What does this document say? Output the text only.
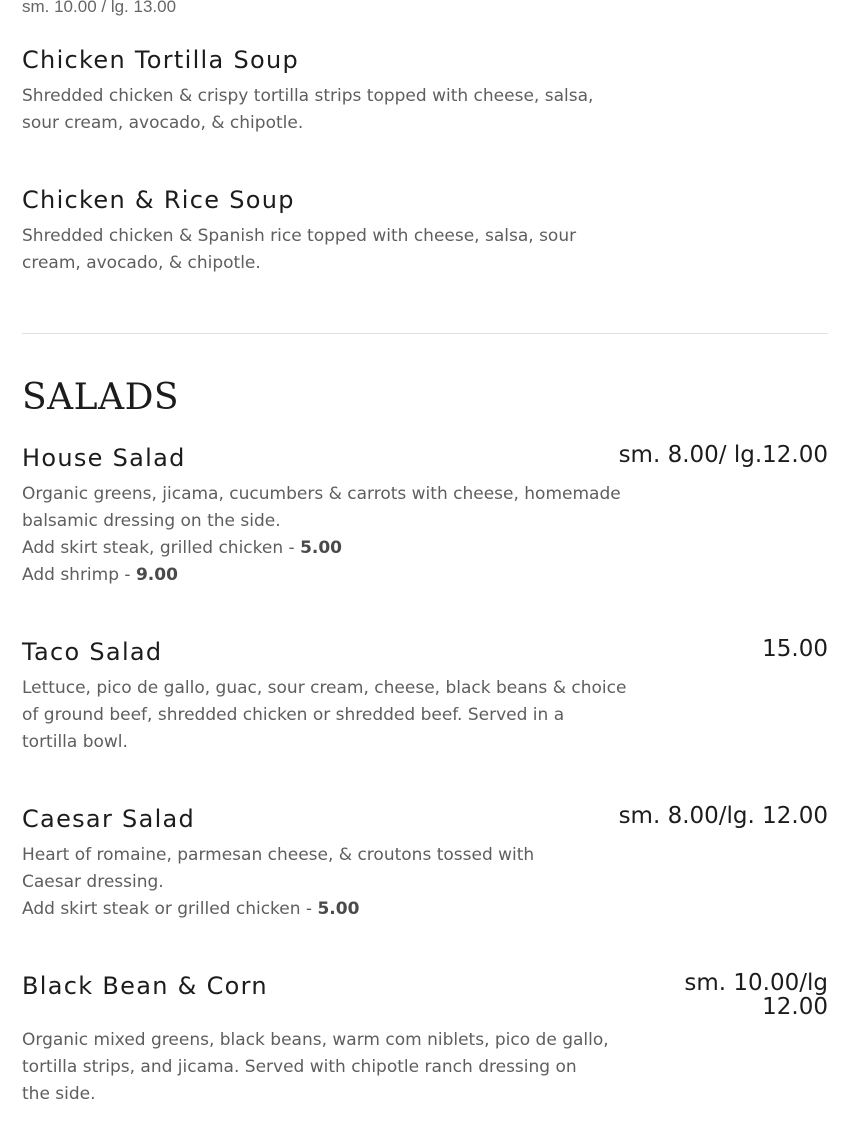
sm. 10.00 / lg. 13.00
Chicken Tortilla Soup
Shredded chicken & crispy tortilla strips topped with cheese, salsa,
sour cream, avocado, & chipotle.
Chicken & Rice Soup
Shredded chicken & Spanish rice topped with cheese, salsa, sour
cream, avocado, & chipotle.
SALADS
House Salad	sm. 8.00/ lg.12.00
Organic greens, jicama, cucumbers & carrots with cheese, homemade
balsamic dressing on the side.
Add skirt steak, grilled chicken - 5.00
Add shrimp - 9.00
Taco Salad	15.00
Lettuce, pico de gallo, guac, sour cream, cheese, black beans & choice
of ground beef, shredded chicken or shredded beef. Served in a
tortilla bowl.
Caesar Salad	sm. 8.00/lg. 12.00
Heart of romaine, parmesan cheese, & croutons tossed with
Caesar dressing.
Add skirt steak or grilled chicken - 5.00
Black Bean & Corn	sm. 10.00/lg
12.00
Organic mixed greens, black beans, warm com niblets, pico de gallo,
tortilla strips, and jicama. Served with chipotle ranch dressing on
the side.
